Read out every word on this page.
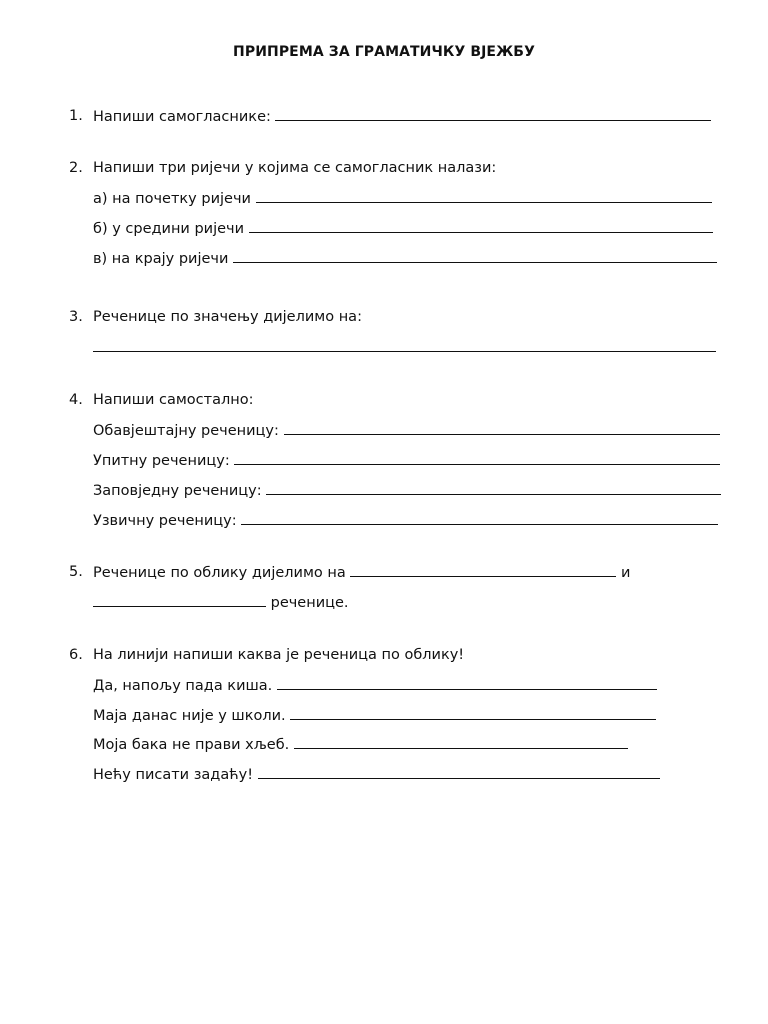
ПРИПРЕМА ЗА ГРАМАТИЧКУ ВЈЕЖБУ
1. Напиши самогласнике:
2. Напиши три ријечи у којима се самогласник налази:
а) на почетку ријечи
б) у средини ријечи
в) на крају ријечи
3. Реченице по значењу дијелимо на:
4. Напиши самостално:
Обавјештајну реченицу:
Упитну реченицу:
Заповједну реченицу:
Узвичну реченицу:
5. Реченице по облику дијелимо на	и
реченице.
6. На линији напиши каква је реченица по облику!
Да, напољу пада киша.
Маја данас није у школи.
Моја бака не прави хљеб.
Нећу писати задаћу!
